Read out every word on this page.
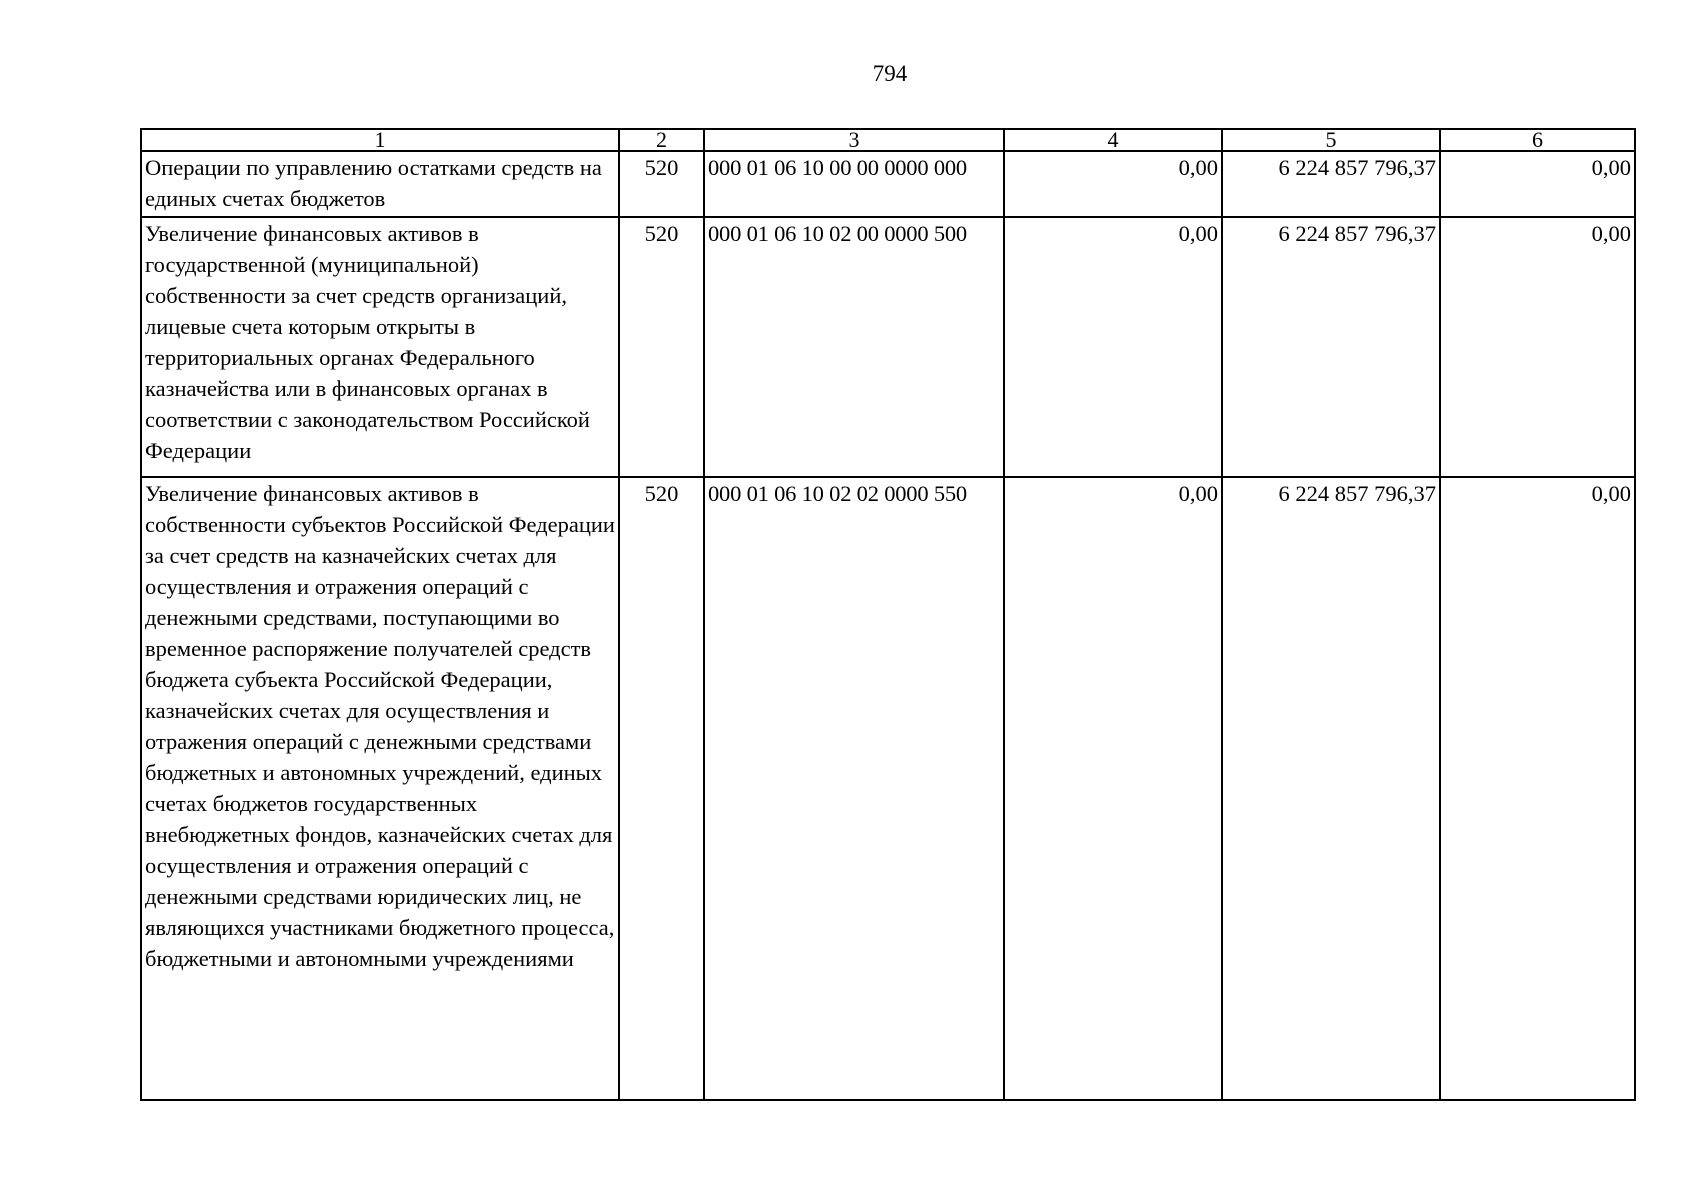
794
1	2	3	4	5	6
Операции по управлению остатками средств на единых счетах бюджетов	520	000 01 06 10 00 00 0000 000	0,00	6 224 857 796,37	0,00
Увеличение финансовых активов в государственной (муниципальной) собственности за счет средств организаций, лицевые счета которым открыты в территориальных органах Федерального казначейства или в финансовых органах в соответствии с законодательством Российской Федерации	520	000 01 06 10 02 00 0000 500	0,00	6 224 857 796,37	0,00
Увеличение финансовых активов в собственности субъектов Российской Федерации за счет средств на казначейских счетах для осуществления и отражения операций с денежными средствами, поступающими во временное распоряжение получателей средств бюджета субъекта Российской Федерации, казначейских счетах для осуществления и отражения операций с денежными средствами бюджетных и автономных учреждений, единых счетах бюджетов государственных внебюджетных фондов, казначейских счетах для осуществления и отражения операций с денежными средствами юридических лиц, не являющихся участниками бюджетного процесса, бюджетными и автономными учреждениями	520	000 01 06 10 02 02 0000 550	0,00	6 224 857 796,37	0,00
